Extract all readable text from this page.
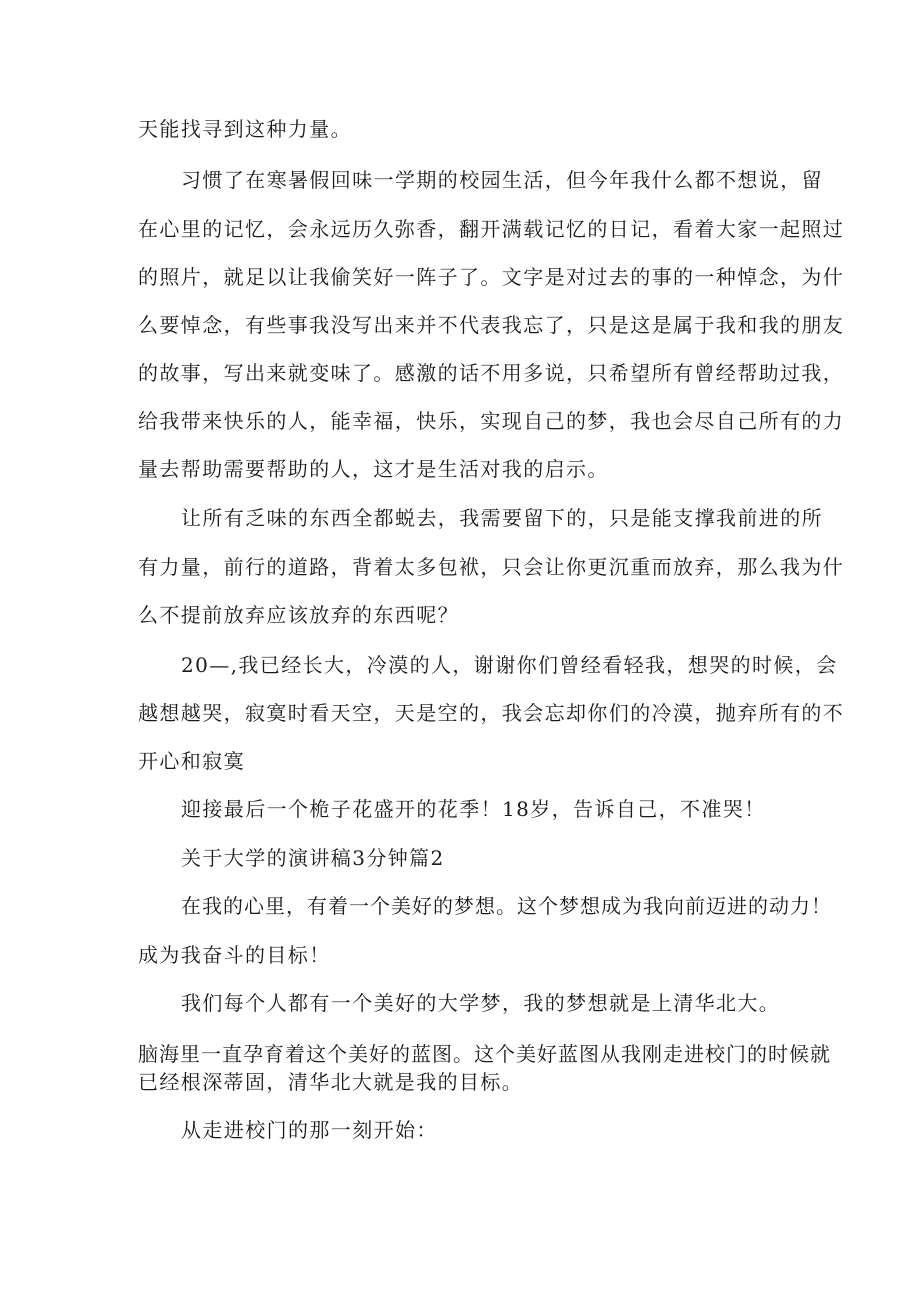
天能找寻到这种力量。
习惯了在寒暑假回味一学期的校园生活，但今年我什么都不想说，留
在心里的记忆，会永远历久弥香，翻开满载记忆的日记，看着大家一起照过
的照片，就足以让我偷笑好一阵子了。文字是对过去的事的一种悼念，为什
么要悼念，有些事我没写出来并不代表我忘了，只是这是属于我和我的朋友
的故事，写出来就变味了。感激的话不用多说，只希望所有曾经帮助过我，
给我带来快乐的人，能幸福，快乐，实现自己的梦，我也会尽自己所有的力
量去帮助需要帮助的人，这才是生活对我的启示。
让所有乏味的东西全都蜕去，我需要留下的，只是能支撑我前进的所
有力量，前行的道路，背着太多包袱，只会让你更沉重而放弃，那么我为什
么不提前放弃应该放弃的东西呢？
20—,我已经长大，冷漠的人，谢谢你们曾经看轻我，想哭的时候，会
越想越哭，寂寞时看天空，天是空的，我会忘却你们的冷漠，抛弃所有的不
开心和寂寞
迎接最后一个桅子花盛开的花季！18岁，告诉自己，不准哭！
关于大学的演讲稿3分钟篇2
在我的心里，有着一个美好的梦想。这个梦想成为我向前迈进的动力！
成为我奋斗的目标！
我们每个人都有一个美好的大学梦，我的梦想就是上清华北大。
脑海里一直孕育着这个美好的蓝图。这个美好蓝图从我刚走进校门的时候就
已经根深蒂固，清华北大就是我的目标。
从走进校门的那一刻开始：
